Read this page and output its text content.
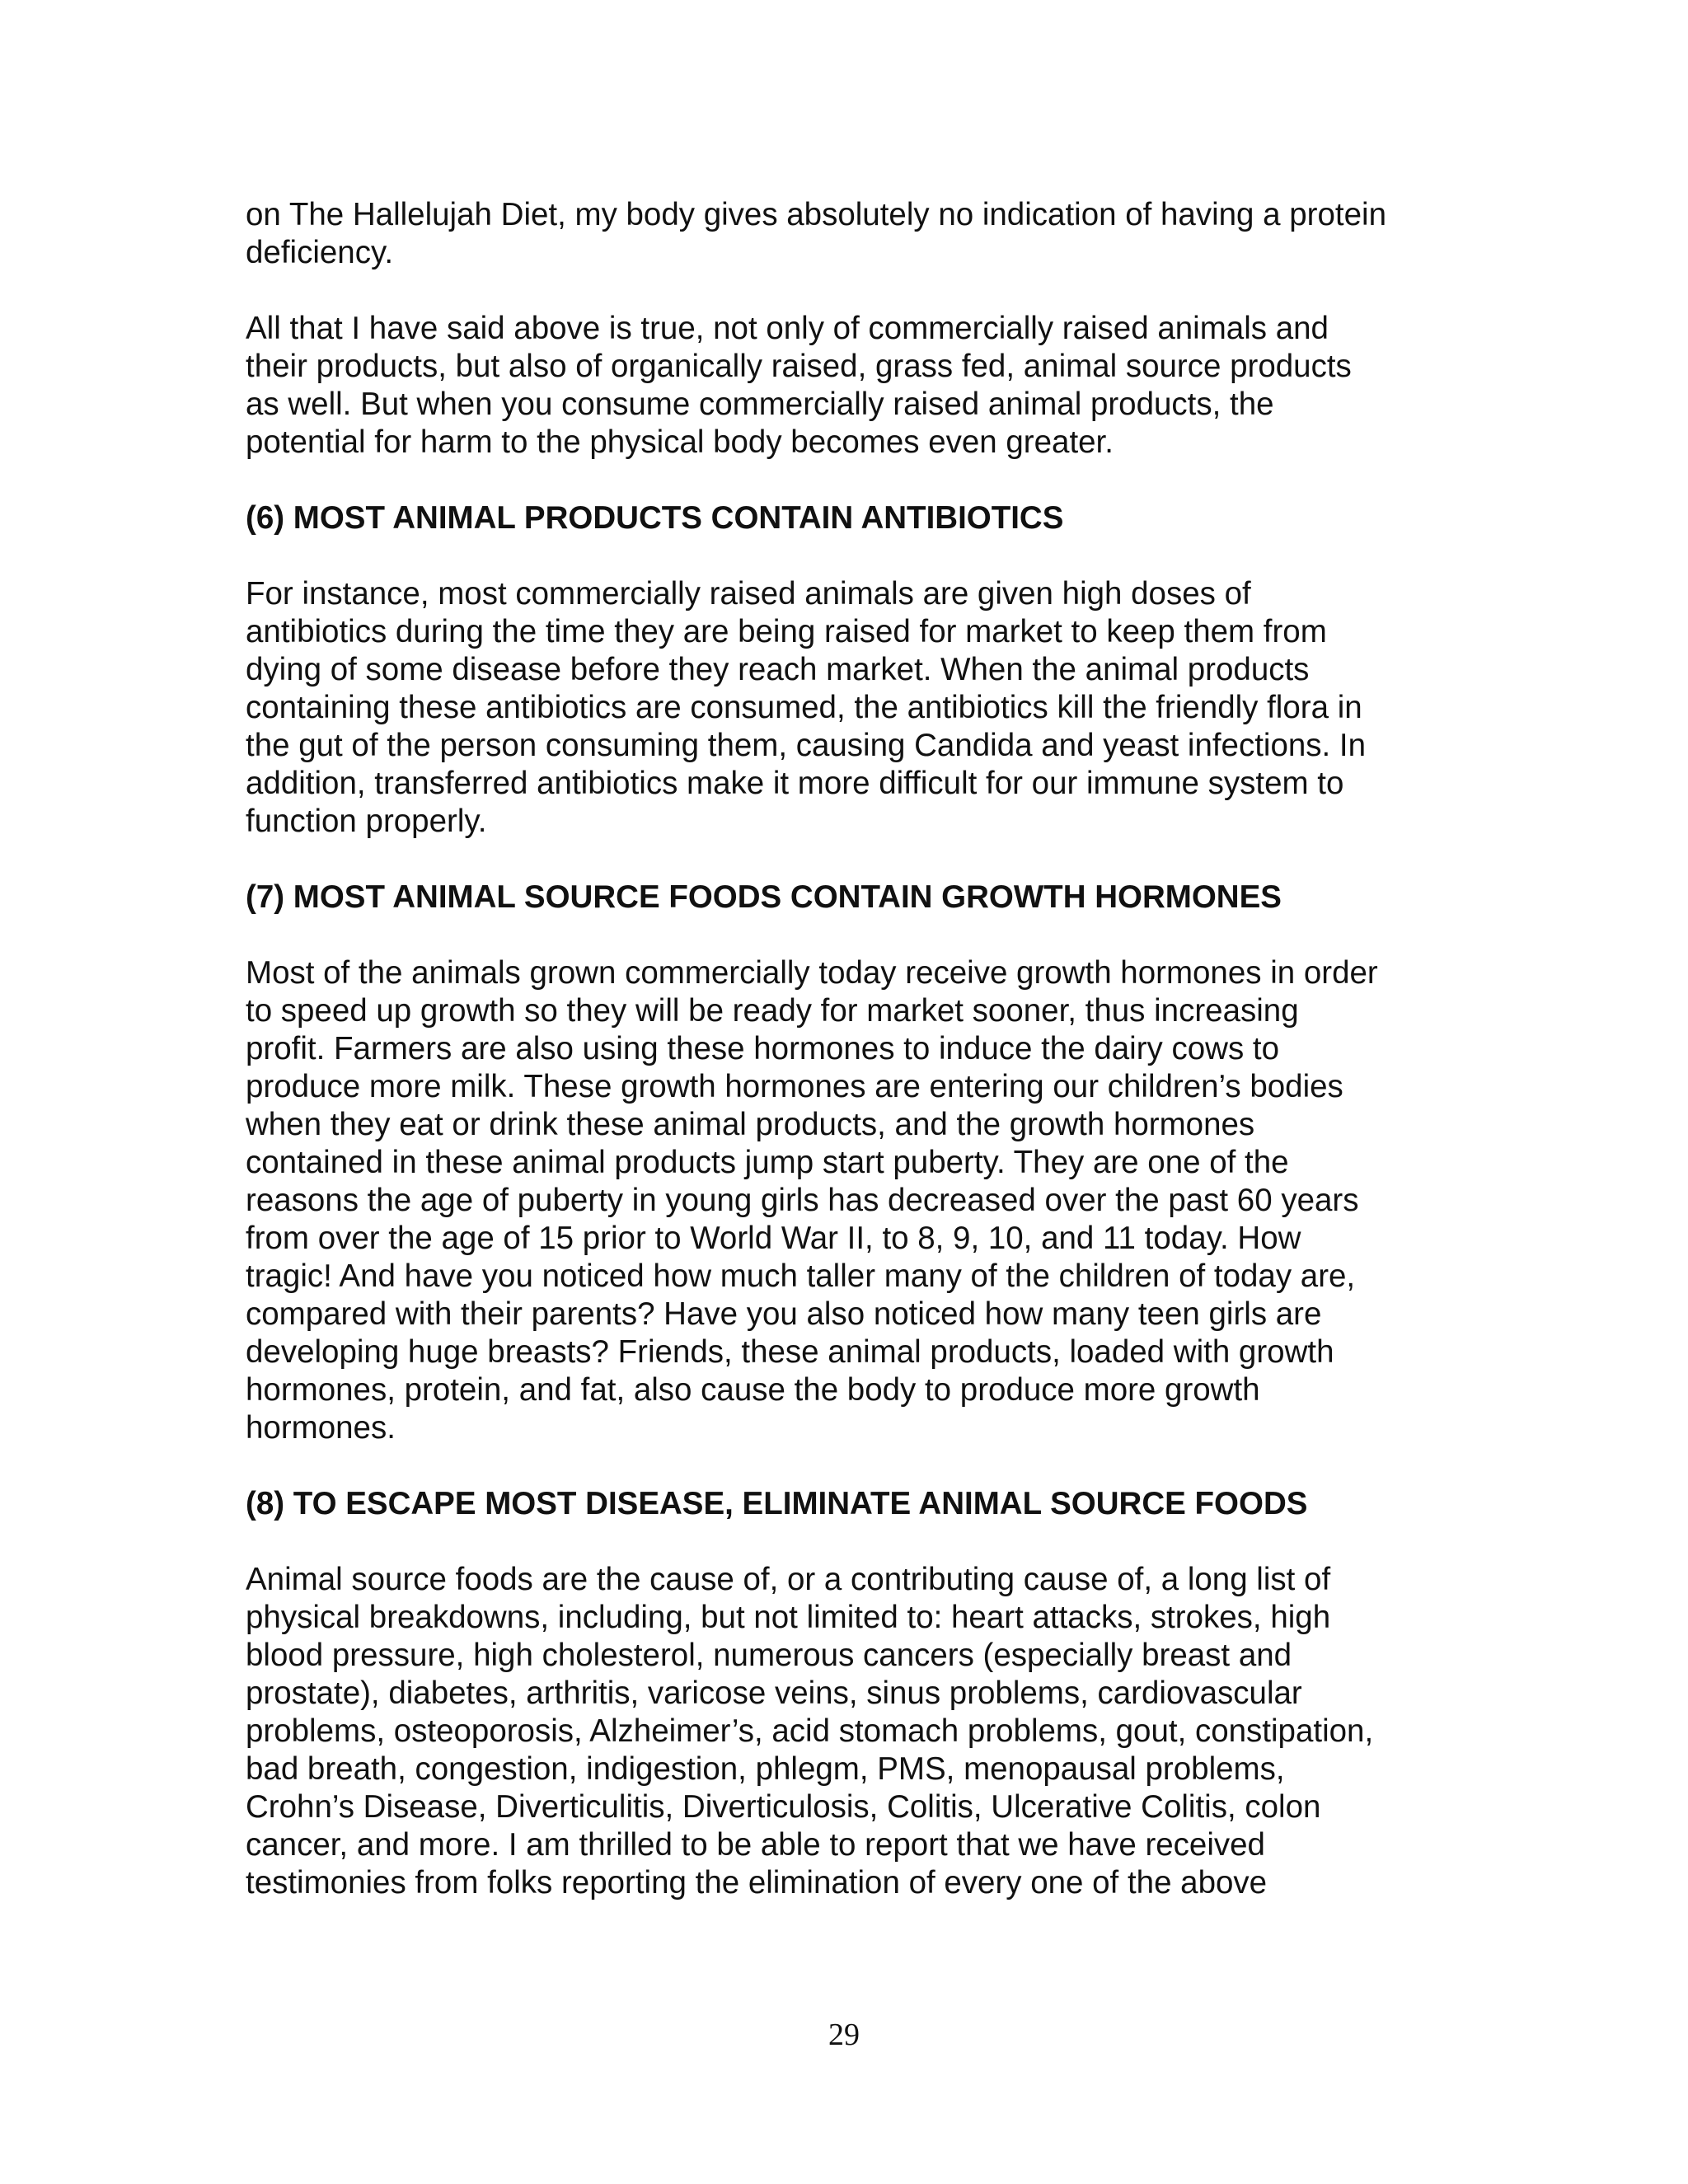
on The Hallelujah Diet, my body gives absolutely no indication of having a protein
deficiency.

All that I have said above is true, not only of commercially raised animals and
their products, but also of organically raised, grass fed, animal source products
as well. But when you consume commercially raised animal products, the
potential for harm to the physical body becomes even greater.

(6) MOST ANIMAL PRODUCTS CONTAIN ANTIBIOTICS

For instance, most commercially raised animals are given high doses of
antibiotics during the time they are being raised for market to keep them from
dying of some disease before they reach market. When the animal products
containing these antibiotics are consumed, the antibiotics kill the friendly flora in
the gut of the person consuming them, causing Candida and yeast infections. In
addition, transferred antibiotics make it more difficult for our immune system to
function properly.

(7) MOST ANIMAL SOURCE FOODS CONTAIN GROWTH HORMONES

Most of the animals grown commercially today receive growth hormones in order
to speed up growth so they will be ready for market sooner, thus increasing
profit. Farmers are also using these hormones to induce the dairy cows to
produce more milk. These growth hormones are entering our children’s bodies
when they eat or drink these animal products, and the growth hormones
contained in these animal products jump start puberty. They are one of the
reasons the age of puberty in young girls has decreased over the past 60 years
from over the age of 15 prior to World War II, to 8, 9, 10, and 11 today. How
tragic! And have you noticed how much taller many of the children of today are,
compared with their parents? Have you also noticed how many teen girls are
developing huge breasts? Friends, these animal products, loaded with growth
hormones, protein, and fat, also cause the body to produce more growth
hormones.

(8) TO ESCAPE MOST DISEASE, ELIMINATE ANIMAL SOURCE FOODS

Animal source foods are the cause of, or a contributing cause of, a long list of
physical breakdowns, including, but not limited to: heart attacks, strokes, high
blood pressure, high cholesterol, numerous cancers (especially breast and
prostate), diabetes, arthritis, varicose veins, sinus problems, cardiovascular
problems, osteoporosis, Alzheimer’s, acid stomach problems, gout, constipation,
bad breath, congestion, indigestion, phlegm, PMS, menopausal problems,
Crohn’s Disease, Diverticulitis, Diverticulosis, Colitis, Ulcerative Colitis, colon
cancer, and more. I am thrilled to be able to report that we have received
testimonies from folks reporting the elimination of every one of the above

29
